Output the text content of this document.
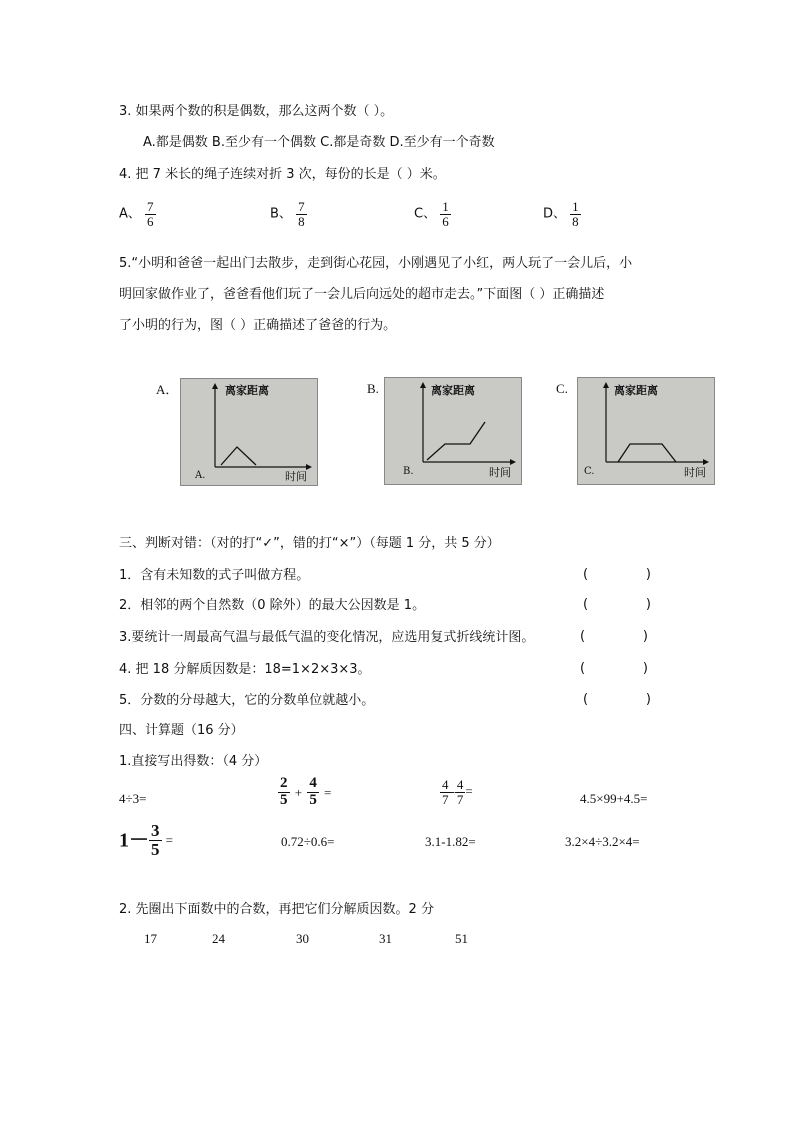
3. 如果两个数的积是偶数，那么这两个数（ ）。
A.都是偶数 B.至少有一个偶数 C.都是奇数 D.至少有一个奇数
4. 把 7 米长的绳子连续对折 3 次，每份的长是（ ）米。
A、 $\frac{7}{6}$	B、 $\frac{7}{8}$	C、 $\frac{1}{6}$	D、 $\frac{1}{8}$
5.“小明和爸爸一起出门去散步，走到街心花园，小刚遇见了小红，两人玩了一会儿后，小
明回家做作业了，爸爸看他们玩了一会儿后向远处的超市走去。”下面图（ ）正确描述
了小明的行为，图（ ）正确描述了爸爸的行为。
A．	B.	C.
离家距离
时间
A.
离家距离
时间
B.
离家距离
时间
C.
三、判断对错：（对的打“✓”，错的打“×”）（每题 1 分，共 5 分）
1．含有未知数的式子叫做方程。	(              )
2．相邻的两个自然数（0 除外）的最大公因数是 1。	(              )
3.要统计一周最高气温与最低气温的变化情况，应选用复式折线统计图。	(              )
4. 把 18 分解质因数是：18=1×2×3×3。	(              )
5．分数的分母越大，它的分数单位就越小。	(              )
四、计算题（16 分）
1.直接写出得数：（4 分）
4÷3=	$\frac{2}{5} + \frac{4}{5}$ =	$\frac{4}{7} - \frac{4}{7}$ =	4.5×99+4.5=
$1- \frac{3}{5}$ =	0.72÷0.6=	3.1-1.82=	3.2×4÷3.2×4=
2. 先圈出下面数中的合数，再把它们分解质因数。2 分
17	24	30	31	51
